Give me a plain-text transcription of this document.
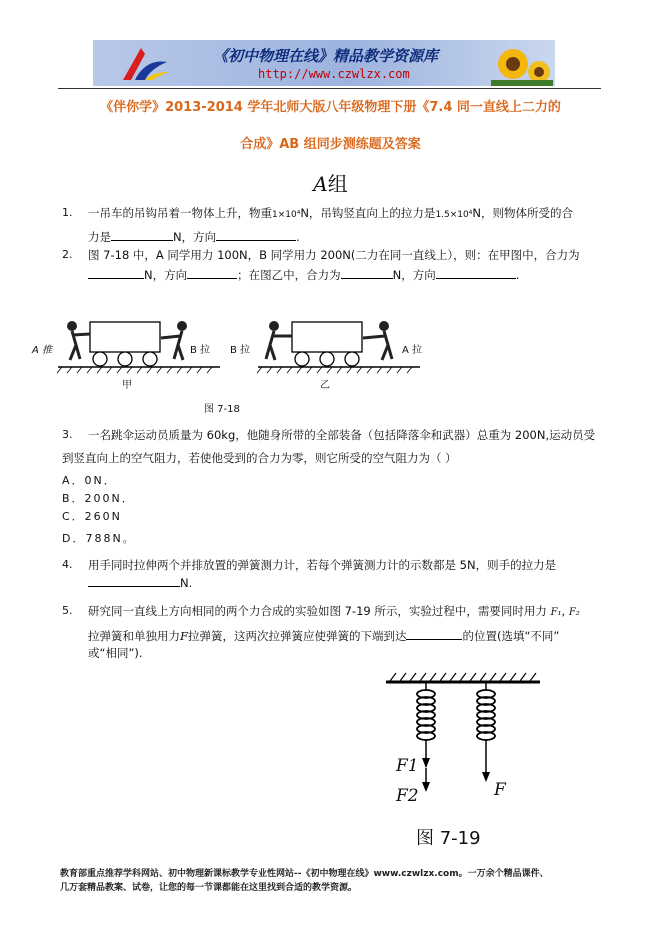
《初中物理在线》精品教学资源库
http://www.czwlzx.com
《伴你学》2013-2014 学年北师大版八年级物理下册《7.4 同一直线上二力的
合成》AB 组同步测练题及答案
A组
1. 一吊车的吊钩吊着一物体上升，物重1×10⁴N，吊钩竖直向上的拉力是1.5×10⁴N，则物体所受的合
力是	N，方向	.
2. 图 7-18 中，A 同学用力 100N，B 同学用力 200N(二力在同一直线上），则：在甲图中，合力为
N，方向	；在图乙中，合力为	N，方向	.
A 推	B 拉 B 拉	A 拉
甲	乙
图 7-18
3. 一名跳伞运动员质量为 60kg，他随身所带的全部装备（包括降落伞和武器）总重为 200N,运动员受
到竖直向上的空气阻力，若使他受到的合力为零，则它所受的空气阻力为（ ）
A．0N．
B．200N．
C．260N
D．788N。
4. 用手同时拉伸两个并排放置的弹簧测力计，若每个弹簧测力计的示数都是 5N，则手的拉力是
N.
5. 研究同一直线上方向相同的两个力合成的实验如图 7-19 所示，实验过程中，需要同时用力 F₁, F₂
拉弹簧和单独用力F拉弹簧，这两次拉弹簧应使弹簧的下端到达	的位置(选填“不同”
或“相同”).
F1
F2	F
图 7-19
教育部重点推荐学科网站、初中物理新课标教学专业性网站--《初中物理在线》www.czwlzx.com。一万余个精品课件、
几万套精品教案、试卷，让您的每一节课都能在这里找到合适的教学资源。
